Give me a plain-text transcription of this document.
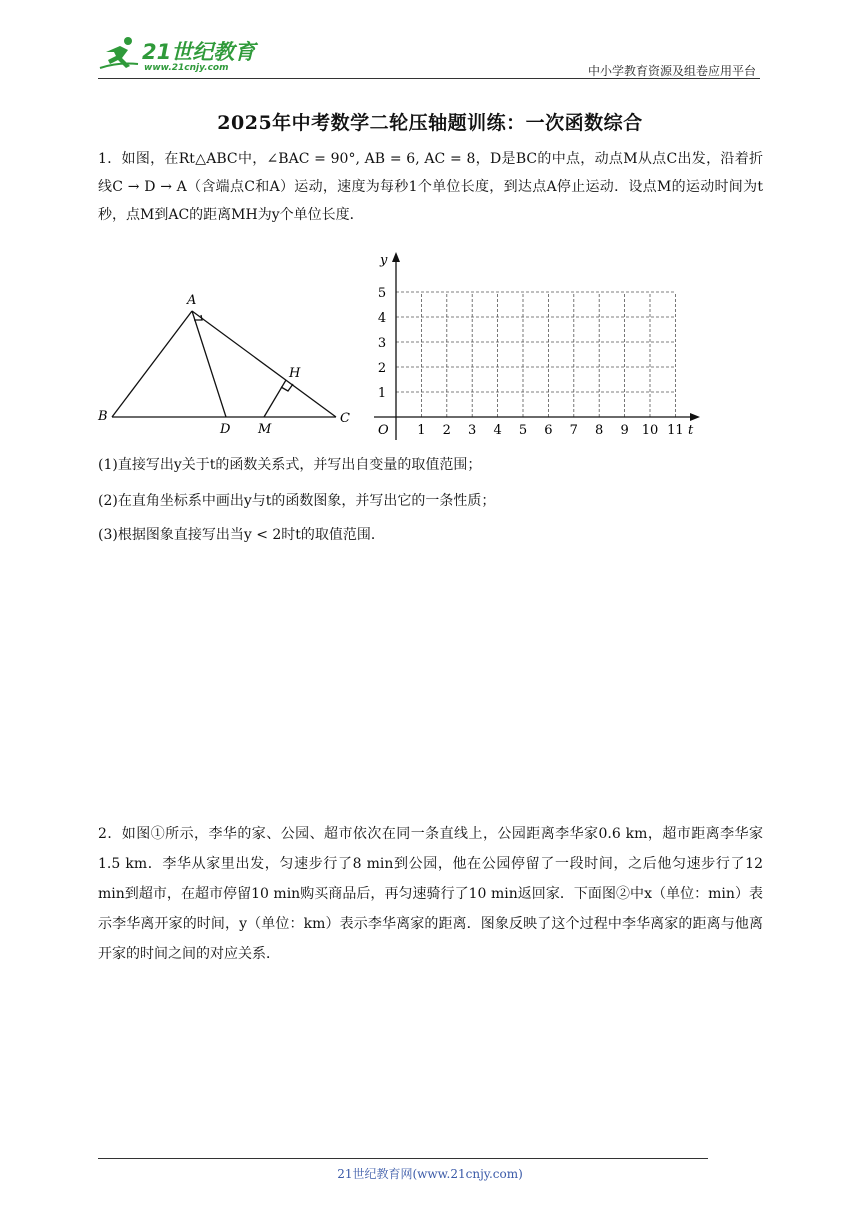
21世纪教育
www.21cnjy.com	中小学教育资源及组卷应用平台
2025年中考数学二轮压轴题训练：一次函数综合

1．如图，在Rt△ABC中，∠BAC = 90°, AB = 6, AC = 8，D是BC的中点，动点M从点C出发，沿着折线C → D → A（含端点C和A）运动，速度为每秒1个单位长度，到达点A停止运动．设点M的运动时间为t秒，点M到AC的距离MH为y个单位长度．

A
B	C
D M
H
y
t
O 1 2 3 4 5 6 7 8 9 10 11
1
2
3
4
5
(1)直接写出y关于t的函数关系式，并写出自变量的取值范围；
(2)在直角坐标系中画出y与t的函数图象，并写出它的一条性质；
(3)根据图象直接写出当y < 2时t的取值范围．

2．如图①所示，李华的家、公园、超市依次在同一条直线上，公园距离李华家0.6 km，超市距离李华家1.5 km．李华从家里出发，匀速步行了8 min到公园，他在公园停留了一段时间，之后他匀速步行了12 min到超市，在超市停留10 min购买商品后，再匀速骑行了10 min返回家．下面图②中x（单位：min）表示李华离开家的时间，y（单位：km）表示李华离家的距离．图象反映了这个过程中李华离家的距离与他离开家的时间之间的对应关系．

21世纪教育网(www.21cnjy.com)
